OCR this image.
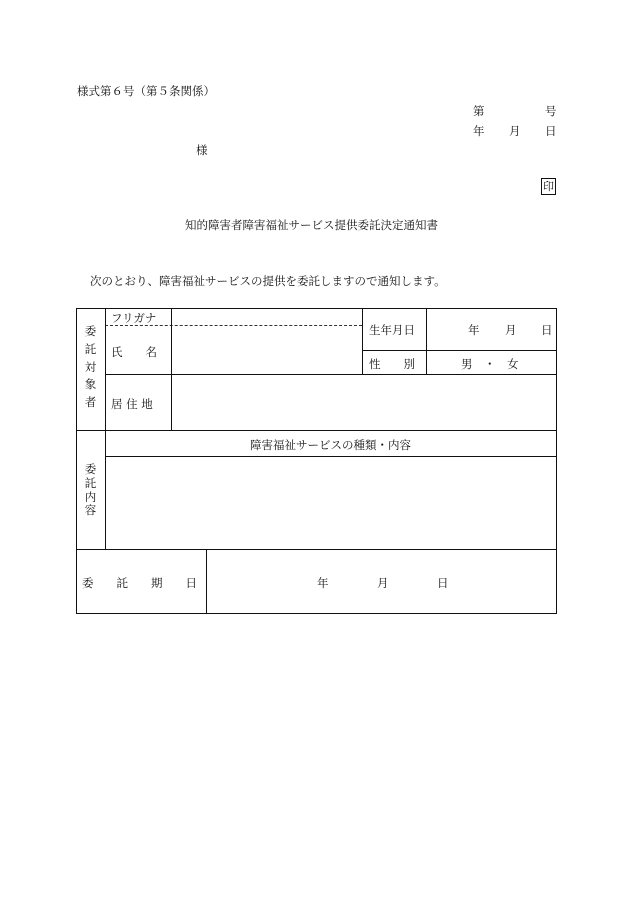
様式第６号（第５条関係）
第	号
年 月 日
様
印
知的障害者障害福祉サービス提供委託決定通知書
次のとおり、障害福祉サービスの提供を委託しますので通知します。
委
託
対
象
者
フリガナ
氏　　名
生年月日	年 月 日
性　　別	男　・　女
居 住 地
委
託
内
容
障害福祉サービスの種類・内容
委　　託　　期　　日	年	月	日
